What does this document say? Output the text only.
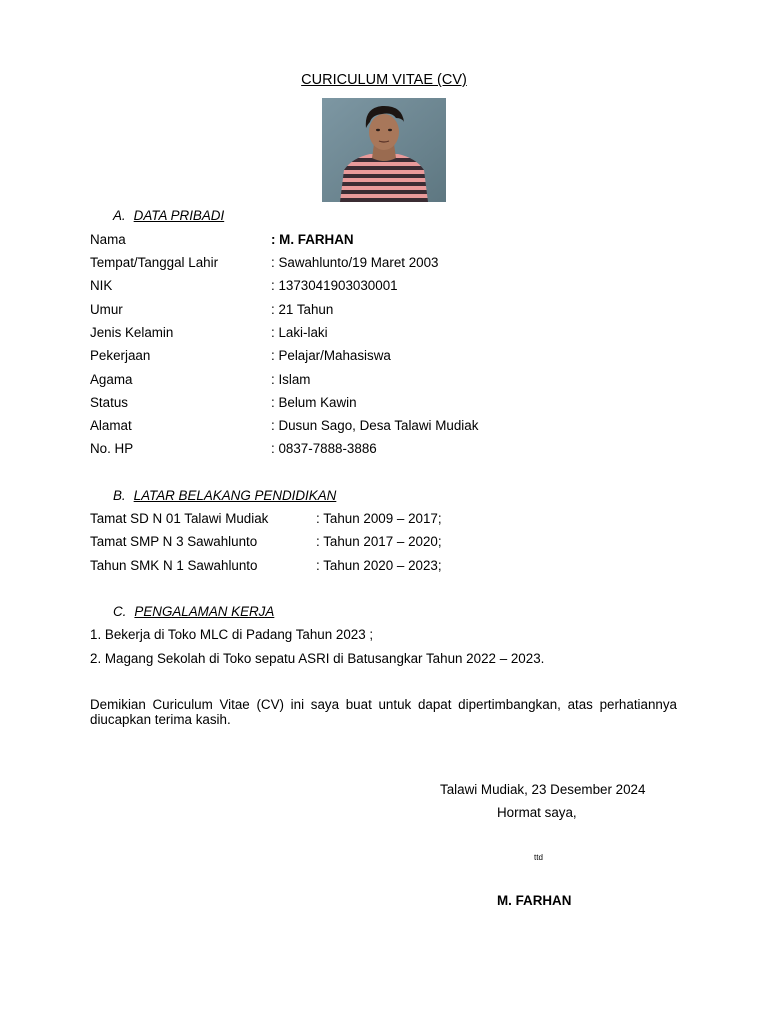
CURICULUM VITAE (CV)
A. DATA PRIBADI
Nama	: M. FARHAN
Tempat/Tanggal Lahir	: Sawahlunto/19 Maret 2003
NIK	: 1373041903030001
Umur	: 21 Tahun
Jenis Kelamin	: Laki-laki
Pekerjaan	: Pelajar/Mahasiswa
Agama	: Islam
Status	: Belum Kawin
Alamat	: Dusun Sago, Desa Talawi Mudiak
No. HP	: 0837-7888-3886
B. LATAR BELAKANG PENDIDIKAN
Tamat SD N 01 Talawi Mudiak	: Tahun 2009 – 2017;
Tamat SMP N 3 Sawahlunto	: Tahun 2017 – 2020;
Tahun SMK N 1 Sawahlunto	: Tahun 2020 – 2023;
C. PENGALAMAN KERJA
1. Bekerja di Toko MLC di Padang Tahun 2023 ;
2. Magang Sekolah di Toko sepatu ASRI di Batusangkar Tahun 2022 – 2023.
Demikian Curiculum Vitae (CV) ini saya buat untuk dapat dipertimbangkan, atas perhatiannya diucapkan terima kasih.
Talawi Mudiak, 23 Desember 2024
Hormat saya,
ttd
M. FARHAN
